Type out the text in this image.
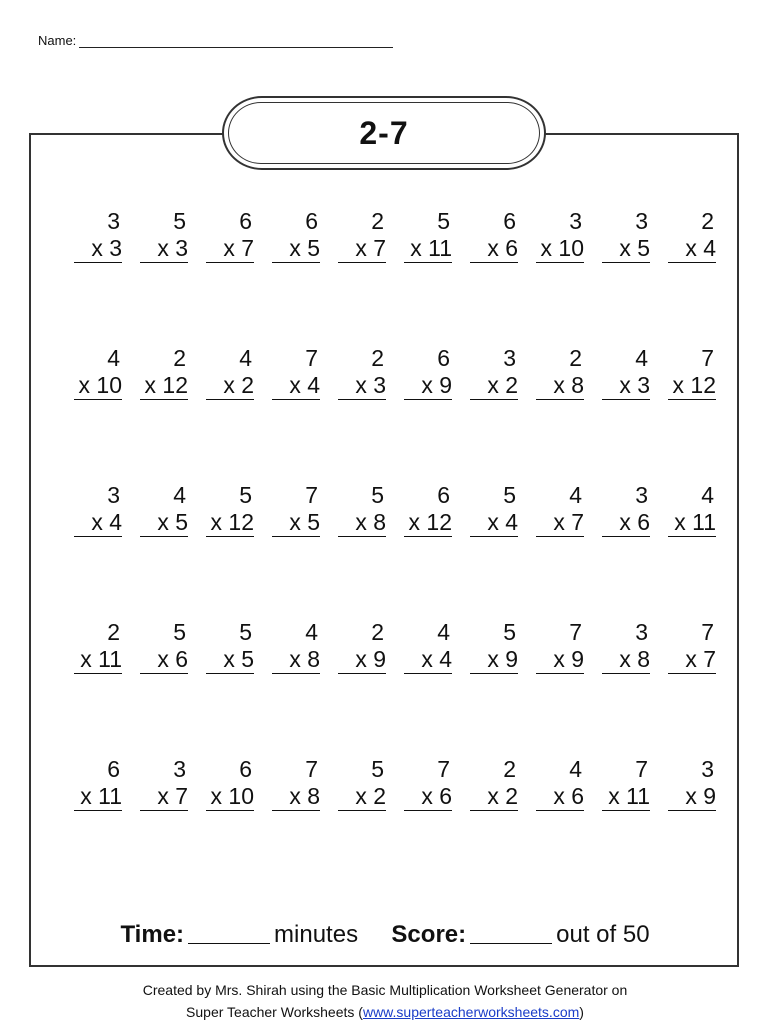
Name:
2-7
3
x 3
5
x 3
6
x 7
6
x 5
2
x 7
5
x 11
6
x 6
3
x 10
3
x 5
2
x 4
4
x 10
2
x 12
4
x 2
7
x 4
2
x 3
6
x 9
3
x 2
2
x 8
4
x 3
7
x 12
3
x 4
4
x 5
5
x 12
7
x 5
5
x 8
6
x 12
5
x 4
4
x 7
3
x 6
4
x 11
2
x 11
5
x 6
5
x 5
4
x 8
2
x 9
4
x 4
5
x 9
7
x 9
3
x 8
7
x 7
6
x 11
3
x 7
6
x 10
7
x 8
5
x 2
7
x 6
2
x 2
4
x 6
7
x 11
3
x 9
Time:	minutes Score:	out of 50
Created by Mrs. Shirah using the Basic Multiplication Worksheet Generator on
Super Teacher Worksheets (www.superteacherworksheets.com)
